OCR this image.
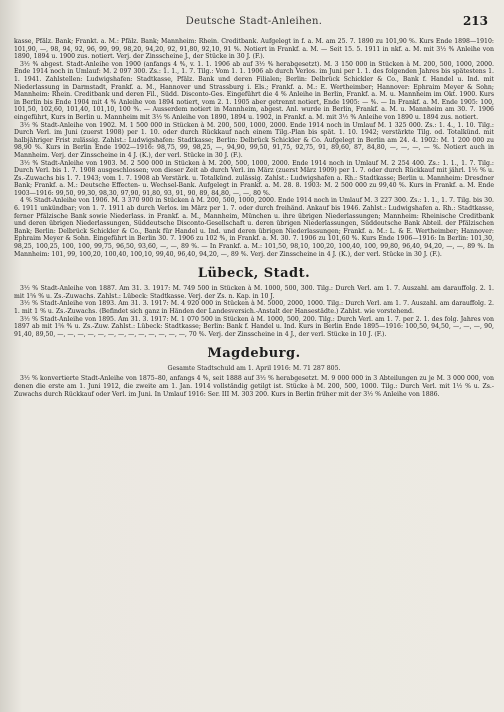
Deutsche Stadt-Anleihen.	213

kasse, Pfälz. Bank; Frankt. a. M.: Pfälz. Bank; Mannheim: Rhein. Creditbank. Aufgelegt in f. a. M. am 25. 7. 1890 zu 101,90 %. Kurs Ende 1898—1910: 101,90, —, 98, 94, 92, 96, 99, 99, 98,20, 94,20, 92, 91,80, 92,10, 91 %. Notiert in Frankf. a. M. — Seit 15. 5. 1911 in nkf. a. M. mit 3½ % Anleihe von 1890, 1894 u. 1900 zus. notiert. Verj. der Zinsscheine J., der Stücke in 30 J. (F.).

3½ % abgest. Stadt-Anleihe von 1900 (anfangs 4 %, v. 1. 1. 1906 ab auf 3½ % herabgesetzt). M. 3 150 000 in Stücken à M. 200, 500, 1000, 2000. Ende 1914 noch in Umlauf: M. 2 097 300. Zs.: 1. 1., 1. 7. Tilg.: Vom 1. 1. 1906 ab durch Verlos. im Juni per 1. 1. des folgenden Jahres bis spätestens 1. 1. 1941. Zahlstellen: Ludwigshafen: Stadtkasse, Pfälz. Bank und deren Filialen; Berlin: Delbrück Schickler & Co., Bank f. Handel u. Ind. mit Niederlassung in Darmstadt, Frankf. a. M., Hannover und Strassburg i. Els.; Frankf. a. M.: E. Wertheimber; Hannover: Ephraim Meyer & Sohn; Mannheim: Rhein. Creditbank und deren Fil., Südd. Disconto-Ges. Eingeführt die 4 % Anleihe in Berlin, Frankf. a. M. u. Mannheim im Okt. 1900. Kurs in Berlin bis Ende 1904 mit 4 % Anleihe von 1894 notiert, vom 2. 1. 1905 aber getrennt notiert, Ende 1905: — %. — In Frankf. a. M. Ende 1905: 100, 101,50, 102,60, 101,40, 101,10, 100 %. — Ausserdem notiert in Mannheim, abgest. Anl. wurde in Berlin, Frankf. a. M. u. Mannheim am 30. 7. 1906 eingeführt, Kurs in Berlin u. Mannheim mit 3½ % Anleihe von 1890, 1894 u. 1902, in Frankf. a. M. mit 3½ % Anleihe von 1890 u. 1894 zus. notiert.

3½ % Stadt-Anleihe von 1902. M. 1 500 000 in Stücken à M. 200, 500, 1000, 2000. Ende 1914 noch in Umlauf M. 1 325 000. Zs.: 1. 4., 1. 10. Tilg.: Durch Verl. im Juni (zuerst 1908) per 1. 10. oder durch Rückkauf nach einem Tilg.-Plan bis spät. 1. 10. 1942; verstärkte Tilg. od. Totalkünd. mit halbjähriger Frist zulässig. Zahlst.: Ludwigshafen: Stadtkasse; Berlin: Delbrück Schickler & Co. Aufgelegt in Berlin am 24. 4. 1902: M. 1 200 000 zu 98,90 %. Kurs in Berlin Ende 1902—1916: 98,75, 99, 98,25, —, 94,90, 99,50, 91,75, 92,75, 91, 89,60, 87, 84,80, —, —, —, — %. Notiert auch in Mannheim. Verj. der Zinsscheine in 4 J. (K.), der verl. Stücke in 30 J. (F.).

3½ % Stadt-Anleihe von 1903. M. 2 500 000 in Stücken à M. 200, 500, 1000, 2000. Ende 1914 noch in Umlauf M. 2 254 400. Zs.: 1. 1., 1. 7. Tilg.: Durch Verl. bis 1. 7. 1908 ausgeschlossen; von dieser Zeit ab durch Verl. im März (zuerst März 1909) per 1. 7. oder durch Rückkauf mit jährl. 1½ % u. Zs.-Zuwachs bis 1. 7. 1943; vom 1. 7. 1908 ab Verstärk. u. Totalkünd. zulässig. Zahlst.: Ludwigshafen a. Rh.: Stadtkasse; Berlin u. Mannheim: Dresdner Bank; Frankf. a. M.: Deutsche Effecten- u. Wechsel-Bank. Aufgelegt in Frankf. a. M. 28. 8. 1903: M. 2 500 000 zu 99,40 %. Kurs in Frankf. a. M. Ende 1903—1916: 99,50, 99,30, 98,30, 97,90, 91,80, 93, 91, 90, 89, 84,80, —, —, 80 %.

4 % Stadt-Anleihe von 1906. M. 3 370 900 in Stücken à M. 200, 500, 1000, 2000. Ende 1914 noch in Umlauf M. 3 227 300. Zs.: 1. 1., 1. 7. Tilg. bis 30. 6. 1911 unkündbar; von 1. 7. 1911 ab durch Verlos. im März per 1. 7. oder durch freihänd. Ankauf bis 1946. Zahlst.: Ludwigshafen a. Rh.: Stadtkasse, ferner Pfälzische Bank sowie Niederlass. in Frankf. a. M., Mannheim, München u. ihre übrigen Niederlassungen; Mannheim: Rheinische Creditbank und deren übrigen Niederlassungen, Süddeutsche Disconto-Gesellschaft u. deren übrigen Niederlassungen, Süddeutsche Bank Abteil. der Pfälzischen Bank; Berlin: Delbrück Schickler & Co., Bank für Handel u. Ind. und deren übrigen Niederlassungen; Frankf. a. M.: L. & E. Wertheimber; Hannover: Ephraim Meyer & Sohn. Eingeführt in Berlin 30. 7. 1906 zu 102 %, in Frankf. a. M. 30. 7. 1906 zu 101,60 %. Kurs Ende 1906—1916: In Berlin: 101,30, 98,25, 100,25, 100, 100, 99,75, 96,50, 93,60, —, —, 89 %. — In Frankf. a. M.: 101,50, 98,10, 100,20, 100,40, 100, 99,80, 96,40, 94,20, —, —, 89 %. In Mannheim: 101, 99, 100,20, 100,40, 100,10, 99,40, 96,40, 94,20, —, 89 %. Verj. der Zinsscheine in 4 J. (K.), der verl. Stücke in 30 J. (F.).

Lübeck, Stadt.

3½ % Stadt-Anleihe von 1887. Am 31. 3. 1917: M. 749 500 in Stücken à M. 1000, 500, 300. Tilg.: Durch Verl. am 1. 7. Auszahl. am darauffolg. 2. 1. mit 1⅝ % u. Zs.-Zuwachs. Zahlst.: Lübeck: Stadtkasse. Verj. der Zs. n. Kap. in 10 J.

3½ % Stadt-Anleihe von 1893. Am 31. 3. 1917: M. 4 920 000 in Stücken à M. 5000, 2000, 1000. Tilg.: Durch Verl. am 1. 7. Auszahl. am darauffolg. 2. 1. mit 1 % u. Zs.-Zuwachs. (Befindet sich ganz in Händen der Landesversich.-Anstalt der Hansestädte.) Zahlst. wie vorstehend.

3½ % Stadt-Anleihe von 1895. Am 31. 3. 1917: M. 1 070 500 in Stücken à M. 1000, 500, 200. Tilg.: Durch Verl. am 1. 7. per 2. 1. des folg. Jahres von 1897 ab mit 1⅝ % u. Zs.-Zuw. Zahlst.: Lübeck: Stadtkasse; Berlin: Bank f. Handel u. Ind. Kurs in Berlin Ende 1895—1916: 100,50, 94,50, —, —, —, 90, 91,40, 89,50, —, —, —, —, —, —, —, —, —, —, —, —, —, 70 %. Verj. der Zinsscheine in 4 J., der verl. Stücke in 10 J. (F.).

Magdeburg.
Gesamte Stadtschuld am 1. April 1916: M. 71 287 805.

3½ % konvertierte Stadt-Anleihe von 1875–80, anfangs 4 %, seit 1888 auf 3½ % herabgesetzt. M. 9 000 000 in 3 Abteilungen zu je M. 3 000 000, von denen die erste am 1. Juni 1912, die zweite am 1. Jan. 1914 vollständig getilgt ist. Stücke à M. 200, 500, 1000. Tilg.: Durch Verl. mit 1½ % u. Zs.-Zuwachs durch Rückkauf oder Verl. im Juni. In Umlauf 1916: Ser. III M. 303 200. Kurs in Berlin früher mit der 3½ % Anleihe von 1886.
